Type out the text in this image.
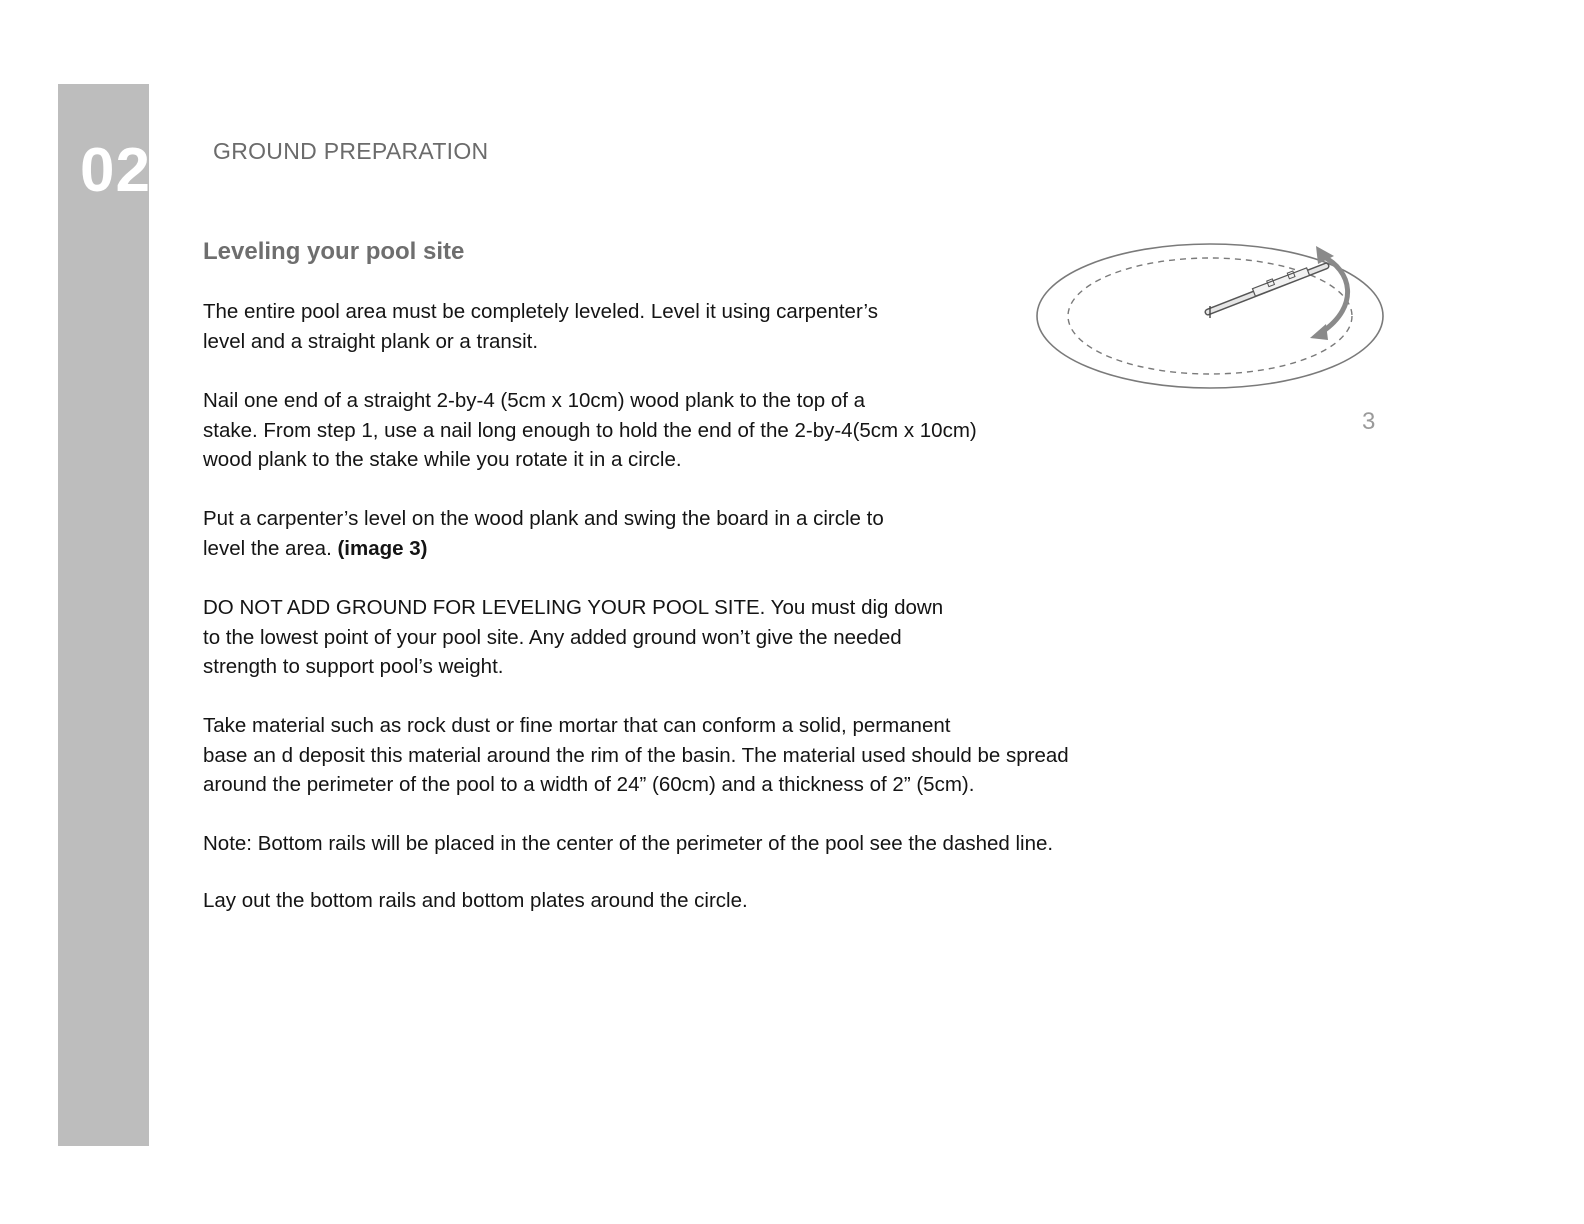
02	GROUND PREPARATION
Leveling your pool site
The entire pool area must be completely leveled. Level it using carpenter’s
level and a straight plank or a transit.
Nail one end of a straight 2-by-4 (5cm x 10cm) wood plank to the top of a
stake. From step 1, use a nail long enough to hold the end of the 2-by-4(5cm x 10cm)
wood plank to the stake while you rotate it in a circle.
Put a carpenter’s level on the wood plank and swing the board in a circle to
level the area. (image 3)
DO NOT ADD GROUND FOR LEVELING YOUR POOL SITE. You must dig down
to the lowest point of your pool site. Any added ground won’t give the needed
strength to support pool’s weight.
Take material such as rock dust or fine mortar that can conform a solid, permanent
base an d deposit this material around the rim of the basin. The material used should be spread
around the perimeter of the pool to a width of 24” (60cm) and a thickness of 2” (5cm).
Note: Bottom rails will be placed in the center of the perimeter of the pool see the dashed line.
Lay out the bottom rails and bottom plates around the circle.
3
